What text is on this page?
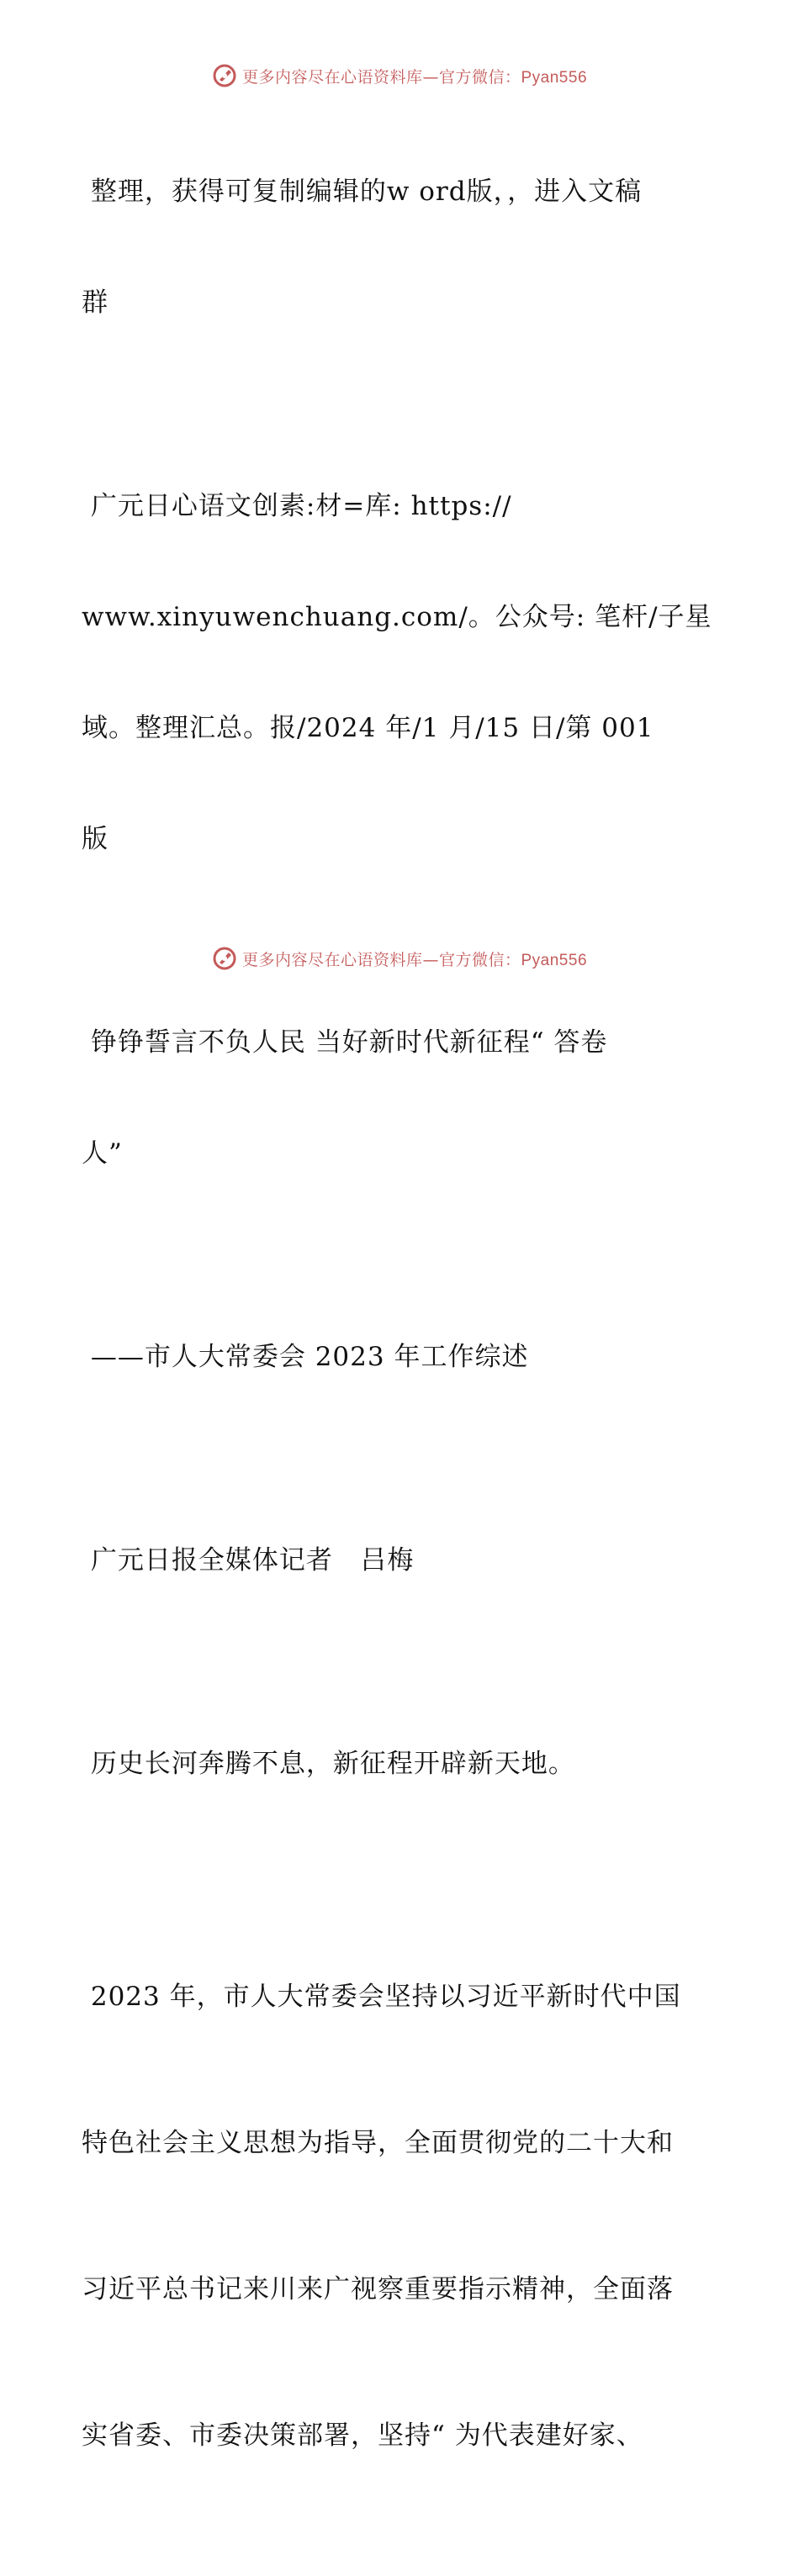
更多内容尽在心语资料库—官方微信：Pyan556

整理，获得可复制编辑的w ord版，，进入文稿

群

广元日心语文创素:材=库: https://

www.xinyuwenchuang.com/。公众号: 笔杆/子星

域。整理汇总。报/2024 年/1 月/15 日/第 001

版

铮铮誓言不负人民 当好新时代新征程“ 答卷

人”

——市人大常委会 2023 年工作综述

广元日报全媒体记者   吕梅

历史长河奔腾不息，新征程开辟新天地。

2023 年，市人大常委会坚持以习近平新时代中国

特色社会主义思想为指导，全面贯彻党的二十大和

习近平总书记来川来广视察重要指示精神，全面落

实省委、市委决策部署，坚持“ 为代表建好家、

更多内容尽在心语资料库—官方微信：Pyan556
